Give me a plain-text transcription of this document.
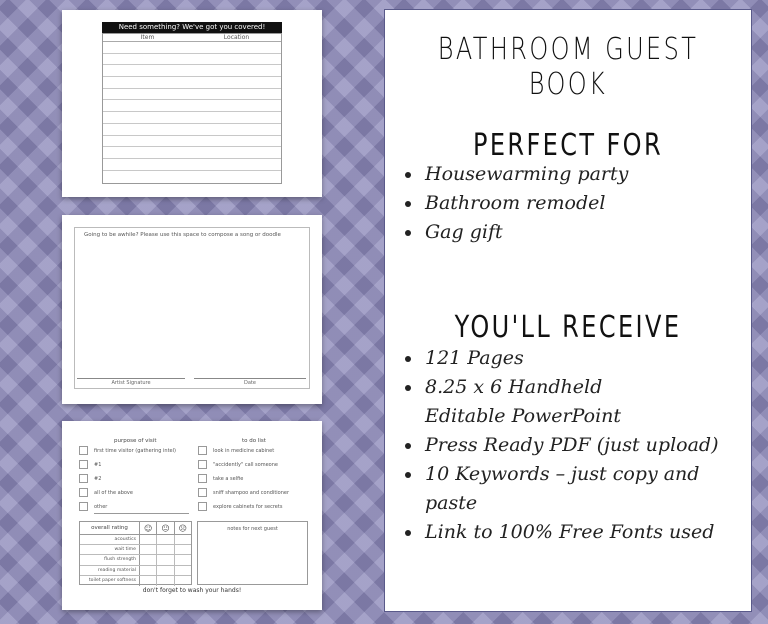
Need something? We've got you covered!
Item	Location
Going to be awhile? Please use this space to compose a song or doodle
Artist Signature	Date
purpose of visit	to do list
first time visitor (gathering intel)
#1
#2
all of the above
other
look in medicine cabinet
"accidently" call someone
take a selfie
sniff shampoo and conditioner
explore cabinets for secrets
overall rating	☺	😐	☹
acoustics
wait time
flush strength
reading material
toilet paper softness
notes for next guest
don't forget to wash your hands!
BATHROOM GUEST BOOK
PERFECT FOR
Housewarming party
Bathroom remodel
Gag gift
YOU'LL RECEIVE
121 Pages
8.25 x 6 Handheld
Editable PowerPoint
Press Ready PDF (just upload)
10 Keywords – just copy and
paste
Link to 100% Free Fonts used
